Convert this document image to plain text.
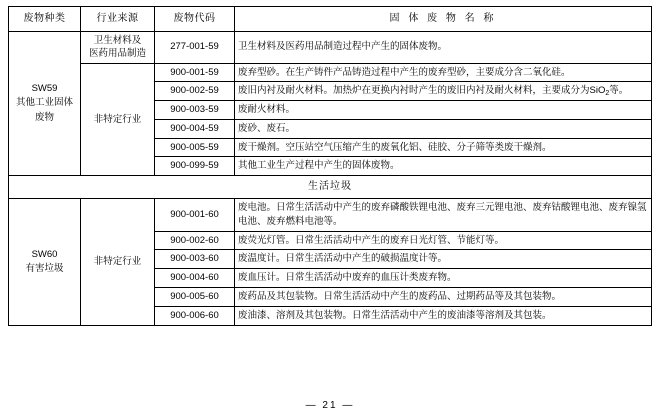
废物种类	行业来源	废物代码	固 体 废 物 名 称

SW59
其他工业固体
废物

卫生材料及
医药用品制造
	277-001-59	卫生材料及医药用品制造过程中产生的固体废物。

	非特定行业	900-001-59	废弃型砂。在生产铸件产品铸造过程中产生的废弃型砂，主要成分含二氧化硅。
		900-002-59	废旧内衬及耐火材料。加热炉在更换内衬时产生的废旧内衬及耐火材料，主要成分为SiO$_2$等。
		900-003-59	废耐火材料。
		900-004-59	废砂、废石。
		900-005-59	废干燥剂。空压站空气压缩产生的废氧化铝、硅胶、分子筛等类废干燥剂。
		900-099-59	其他工业生产过程中产生的固体废物。
生活垃圾			

SW60
有害垃圾	非特定行业	900-001-60	废电池。日常生活活动中产生的废弃磷酸铁锂电池、废弃三元锂电池、废弃钴酸锂电池、废弃镍氢电池、废弃燃料电池等。
		900-002-60	废荧光灯管。日常生活活动中产生的废弃日光灯管、节能灯等。
		900-003-60	废温度计。日常生活活动中产生的破损温度计等。
		900-004-60	废血压计。日常生活活动中废弃的血压计类废弃物。
		900-005-60	废药品及其包装物。日常生活活动中产生的废药品、过期药品等及其包装物。
		900-006-60	废油漆、溶剂及其包装物。日常生活活动中产生的废油漆等溶剂及其包装。
— 21 —
